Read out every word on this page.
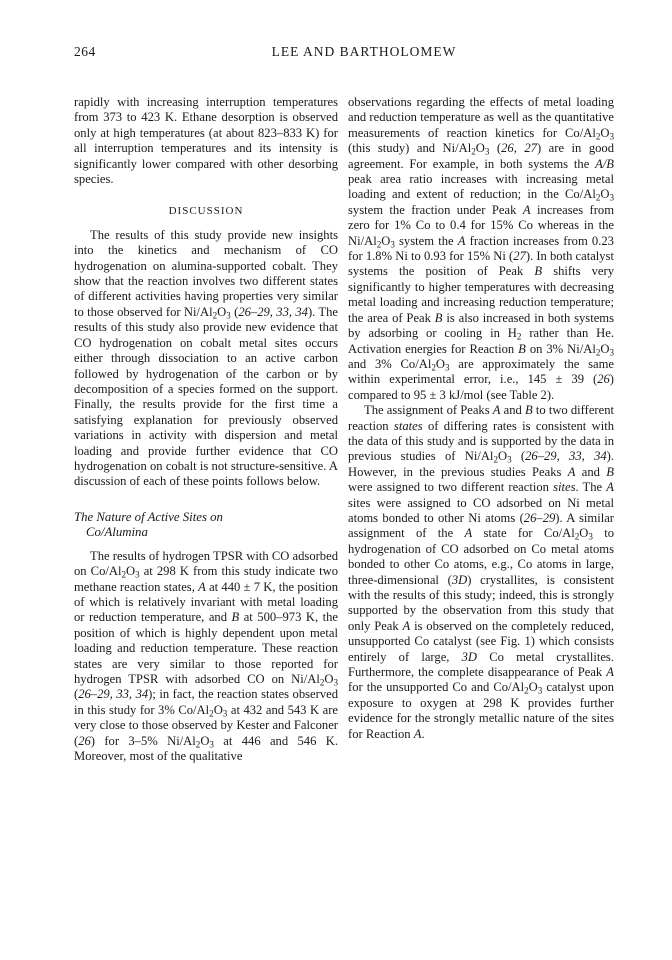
264	LEE AND BARTHOLOMEW

rapidly with increasing interruption temperatures from 373 to 423 K. Ethane desorption is observed only at high temperatures (at about 823–833 K) for all interruption temperatures and its intensity is significantly lower compared with other desorbing species.

DISCUSSION

The results of this study provide new insights into the kinetics and mechanism of CO hydrogenation on alumina-supported cobalt. They show that the reaction involves two different states of different activities having properties very similar to those observed for $Ni/Al_2O_3$ (26–29, 33, 34). The results of this study also provide new evidence that CO hydrogenation on cobalt metal sites occurs either through dissociation to an active carbon followed by hydrogenation of the carbon or by decomposition of a species formed on the support. Finally, the results provide for the first time a satisfying explanation for previously observed variations in activity with dispersion and metal loading and provide further evidence that CO hydrogenation on cobalt is not structure-sensitive. A discussion of each of these points follows below.

The Nature of Active Sites on
Co/Alumina

The results of hydrogen TPSR with CO adsorbed on $Co/Al_2O_3$ at 298 K from this study indicate two methane reaction states, A at 440 ± 7 K, the position of which is relatively invariant with metal loading or reduction temperature, and B at 500–973 K, the position of which is highly dependent upon metal loading and reduction temperature. These reaction states are very similar to those reported for hydrogen TPSR with adsorbed CO on $Ni/Al_2O_3$ (26–29, 33, 34); in fact, the reaction states observed in this study for 3% $Co/Al_2O_3$ at 432 and 543 K are very close to those observed by Kester and Falconer (26) for 3–5% $Ni/Al_2O_3$ at 446 and 546 K. Moreover, most of the qualitative

observations regarding the effects of metal loading and reduction temperature as well as the quantitative measurements of reaction kinetics for $Co/Al_2O_3$ (this study) and $Ni/Al_2O_3$ (26, 27) are in good agreement. For example, in both systems the A/B peak area ratio increases with increasing metal loading and extent of reduction; in the $Co/Al_2O_3$ system the fraction under Peak A increases from zero for 1% Co to 0.4 for 15% Co whereas in the $Ni/Al_2O_3$ system the A fraction increases from 0.23 for 1.8% Ni to 0.93 for 15% Ni (27). In both catalyst systems the position of Peak B shifts very significantly to higher temperatures with decreasing metal loading and increasing reduction temperature; the area of Peak B is also increased in both systems by adsorbing or cooling in $H_2$ rather than He. Activation energies for Reaction B on 3% $Ni/Al_2O_3$ and 3% $Co/Al_2O_3$ are approximately the same within experimental error, i.e., 145 ± 39 (26) compared to 95 ± 3 kJ/mol (see Table 2).

The assignment of Peaks A and B to two different reaction states of differing rates is consistent with the data of this study and is supported by the data in previous studies of $Ni/Al_2O_3$ (26–29, 33, 34). However, in the previous studies Peaks A and B were assigned to two different reaction sites. The A sites were assigned to CO adsorbed on Ni metal atoms bonded to other Ni atoms (26–29). A similar assignment of the A state for $Co/Al_2O_3$ to hydrogenation of CO adsorbed on Co metal atoms bonded to other Co atoms, e.g., Co atoms in large, three-dimensional (3D) crystallites, is consistent with the results of this study; indeed, this is strongly supported by the observation from this study that only Peak A is observed on the completely reduced, unsupported Co catalyst (see Fig. 1) which consists entirely of large, 3D Co metal crystallites. Furthermore, the complete disappearance of Peak A for the unsupported Co and $Co/Al_2O_3$ catalyst upon exposure to oxygen at 298 K provides further evidence for the strongly metallic nature of the sites for Reaction A.
